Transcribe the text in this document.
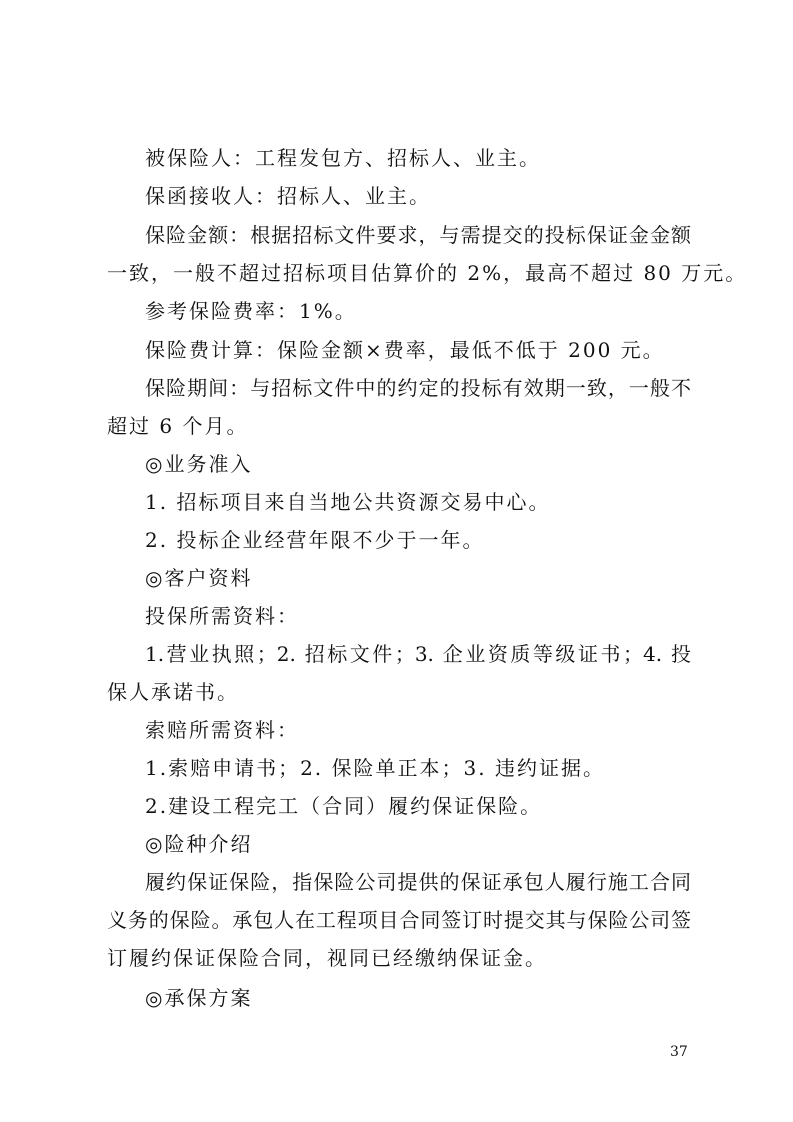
被保险人：工程发包方、招标人、业主。
保函接收人：招标人、业主。
保险金额：根据招标文件要求，与需提交的投标保证金金额
一致，一般不超过招标项目估算价的 2%，最高不超过 80 万元。
参考保险费率：1%。
保险费计算：保险金额×费率，最低不低于 200 元。
保险期间：与招标文件中的约定的投标有效期一致，一般不
超过 6 个月。
◎业务准入
1. 招标项目来自当地公共资源交易中心。
2. 投标企业经营年限不少于一年。
◎客户资料
投保所需资料：
1.营业执照；2. 招标文件；3. 企业资质等级证书；4. 投
保人承诺书。
索赔所需资料：
1.索赔申请书；2. 保险单正本；3. 违约证据。
2.建设工程完工（合同）履约保证保险。
◎险种介绍
履约保证保险，指保险公司提供的保证承包人履行施工合同
义务的保险。承包人在工程项目合同签订时提交其与保险公司签
订履约保证保险合同，视同已经缴纳保证金。
◎承保方案
37
